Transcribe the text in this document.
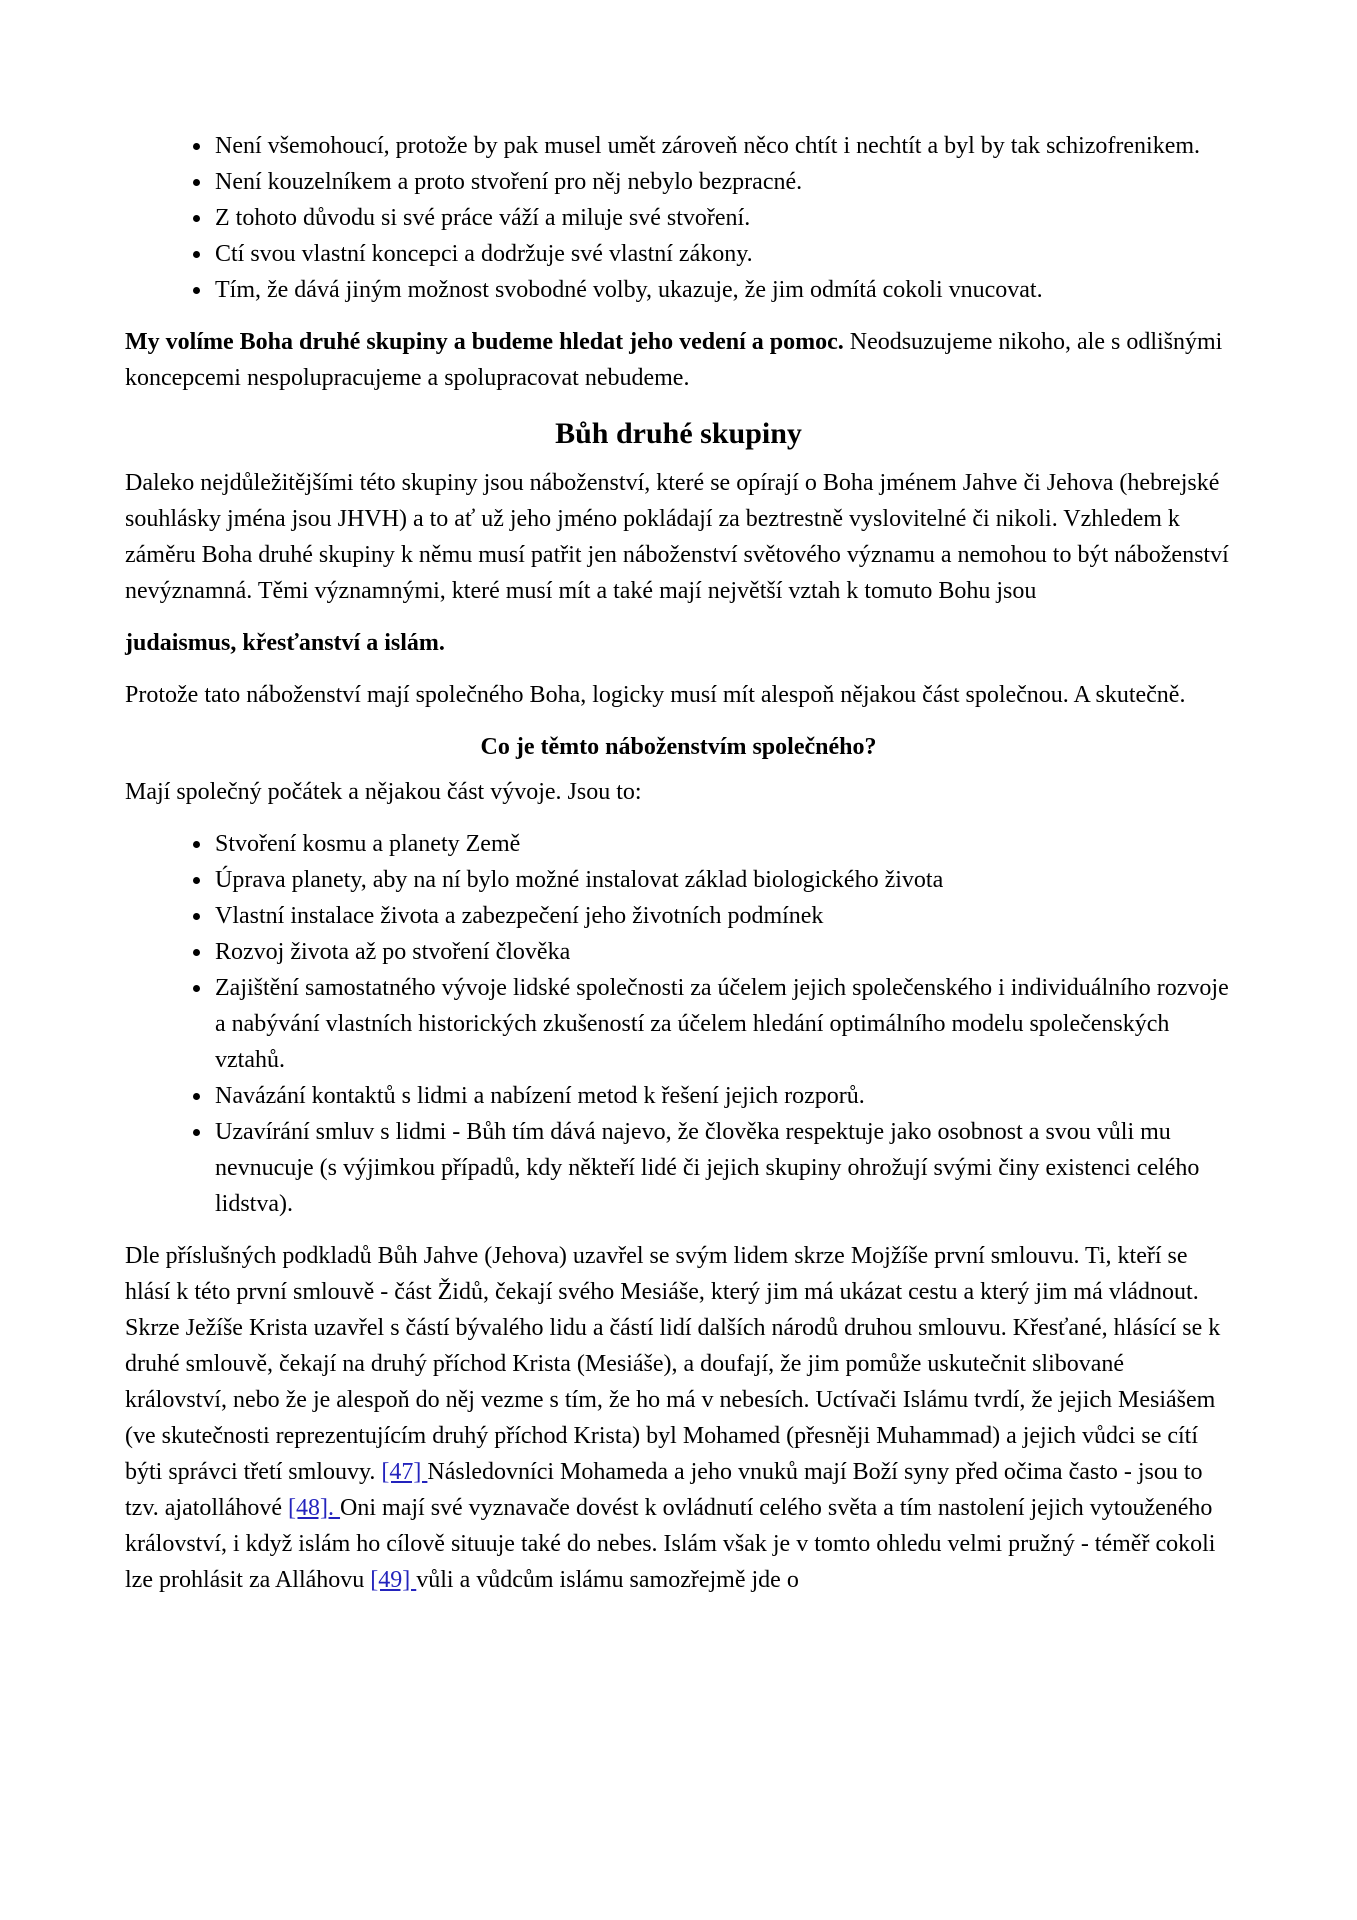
• Není všemohoucí, protože by pak musel umět zároveň něco chtít i nechtít a byl by tak schizofrenikem.
• Není kouzelníkem a proto stvoření pro něj nebylo bezpracné.
• Z tohoto důvodu si své práce váží a miluje své stvoření.
• Ctí svou vlastní koncepci a dodržuje své vlastní zákony.
• Tím, že dává jiným možnost svobodné volby, ukazuje, že jim odmítá cokoli vnucovat.

My volíme Boha druhé skupiny a budeme hledat jeho vedení a pomoc. Neodsuzujeme nikoho, ale s odlišnými koncepcemi nespolupracujeme a spolupracovat nebudeme.

Bůh druhé skupiny

Daleko nejdůležitějšími této skupiny jsou náboženství, které se opírají o Boha jménem Jahve či Jehova (hebrejské souhlásky jména jsou JHVH) a to ať už jeho jméno pokládají za beztrestně vyslovitelné či nikoli. Vzhledem k záměru Boha druhé skupiny k němu musí patřit jen náboženství světového významu a nemohou to být náboženství nevýznamná. Těmi významnými, které musí mít a také mají největší vztah k tomuto Bohu jsou

judaismus, křesťanství a islám.

Protože tato náboženství mají společného Boha, logicky musí mít alespoň nějakou část společnou. A skutečně.

Co je těmto náboženstvím společného?

Mají společný počátek a nějakou část vývoje. Jsou to:

• Stvoření kosmu a planety Země
• Úprava planety, aby na ní bylo možné instalovat základ biologického života
• Vlastní instalace života a zabezpečení jeho životních podmínek
• Rozvoj života až po stvoření člověka
• Zajištění samostatného vývoje lidské společnosti za účelem jejich společenského i individuálního rozvoje a nabývání vlastních historických zkušeností za účelem hledání optimálního modelu společenských vztahů.
• Navázání kontaktů s lidmi a nabízení metod k řešení jejich rozporů.
• Uzavírání smluv s lidmi - Bůh tím dává najevo, že člověka respektuje jako osobnost a svou vůli mu nevnucuje (s výjimkou případů, kdy někteří lidé či jejich skupiny ohrožují svými činy existenci celého lidstva).

Dle příslušných podkladů Bůh Jahve (Jehova) uzavřel se svým lidem skrze Mojžíše první smlouvu. Ti, kteří se hlásí k této první smlouvě - část Židů, čekají svého Mesiáše, který jim má ukázat cestu a který jim má vládnout. Skrze Ježíše Krista uzavřel s částí bývalého lidu a částí lidí dalších národů druhou smlouvu. Křesťané, hlásící se k druhé smlouvě, čekají na druhý příchod Krista (Mesiáše), a doufají, že jim pomůže uskutečnit slibované království, nebo že je alespoň do něj vezme s tím, že ho má v nebesích. Uctívači Islámu tvrdí, že jejich Mesiášem (ve skutečnosti reprezentujícím druhý příchod Krista) byl Mohamed (přesněji Muhammad) a jejich vůdci se cítí býti správci třetí smlouvy. [47] Následovníci Mohameda a jeho vnuků mají Boží syny před očima často - jsou to tzv. ajatolláhové [48]. Oni mají své vyznavače dovést k ovládnutí celého světa a tím nastolení jejich vytouženého království, i když islám ho cílově situuje také do nebes. Islám však je v tomto ohledu velmi pružný - téměř cokoli lze prohlásit za Alláhovu [49] vůli a vůdcům islámu samozřejmě jde o
